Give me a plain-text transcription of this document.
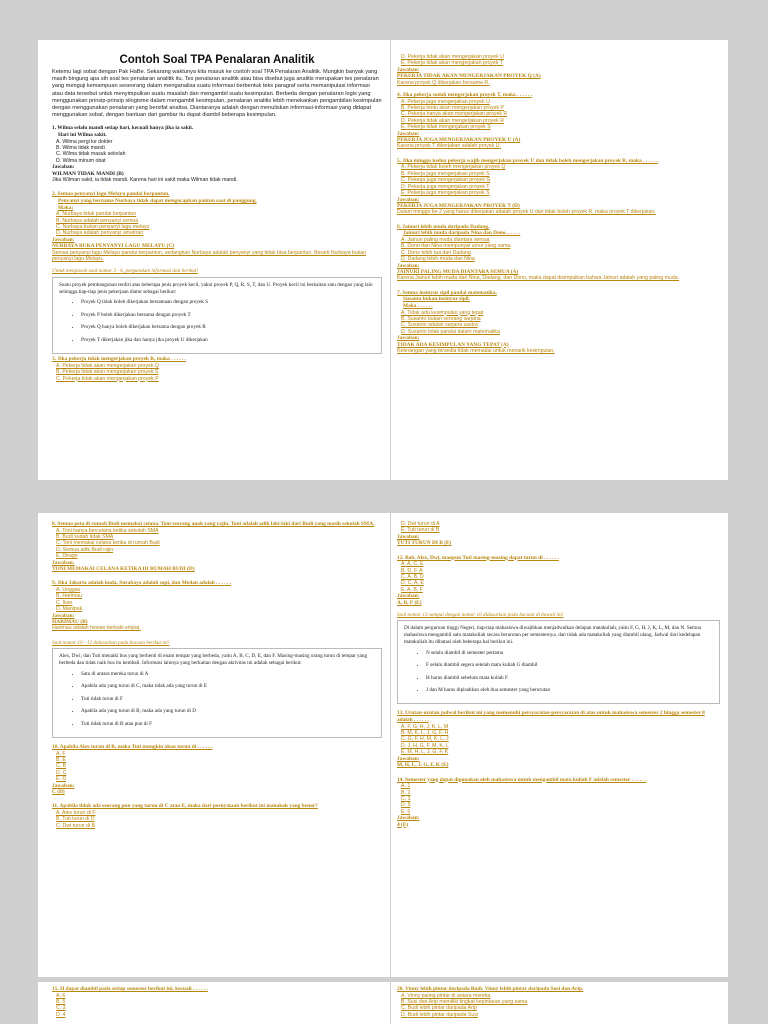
Contoh Soal TPA Penalaran Analitik
Ketemu lagi sobat dengan Pak HaBe. Sekarang waktunya kita masuk ke contoh soal TPA Penalaran Analitik. Mungkin banyak yang masih bingung apa sih soal tes penalaran analitik itu. Tes penalaran analitik atau bisa disebut juga analitis merupakan tes penalaran yang menguji kemampuan seseorang dalam menganalisa suatu informasi berbentuk teks paragraf serta memanipulasi informasi atau data tersebut untuk menyimpulkan suatu masalah dan mengambil suatu kesimpulan. Berbeda dengan penalaran logis yang menggunakan prinsip-prinsip silogisme dalam mengambil kesimpulan, penalaran analitis lebih menekankan pengambilan kesimpulan dengan menggunakan penalaran yang bersifat analisa. Diantaranya adalah dengan menuliskan informasi-informasi yang didapat menggunakan sobat, dengan bantuan dari gambar itu dapat diambil beberapa kesimpulan.
1. Wilma selalu mandi setiap hari, kecuali hanya jika ia sakit.
Hari ini Wilma sakit.
A. Wilma pergi ke dokter
B. Wilma tidak mandi
C. Wilma tidak masuk sekolah
D. Wilma minum obat
Jawaban:
WILMAN TIDAK MANDI (B)
Jika Wilman sakit, ia tidak mandi. Karena hari ini sakit maka Wilman tidak mandi.
2. Semua penyanyi lagu Melayu pandai berpantun.
Penyanyi yang bernama Nurbaya tidak dapat mengucapkan pantun saat di panggung.
Maka:
A. Nurbaya tidak pandai berpantun
B. Nurbaya adalah penyanyi semua
C. Nurbaya bukan penyanyi lagu melayu
D. Nurbaya adalah penyanyi amatiran
Jawaban:
NURBAYA BUKA PENYANYI LAGU MELAYU (C)
Semua penyanyi lagu Melayu pandai berpantun, sedangkan Nurbaya adalah penyanyi yang tidak bisa berpantun. Berarti Nurbaya bukan penyanyi lagu Melayu.
Untuk menjawab soal nomor 3 - 6, pergunakan informasi dan berikut!
Suatu proyek pembangunan terdiri atas beberapa jenis proyek kecil, yakni proyek P, Q, R, S, T, dan U. Proyek kecil ini berkaitan satu dengan yang lain sehingga tiap-tiap jenis pekerjaan diatur sebagai berikut:
• Proyek Q tidak boleh dikerjakan bersamaan dengan proyek S
• Proyek P boleh dikerjakan bersama dengan proyek T
• Proyek Q hanya boleh dikerjakan bersama dengan proyek R
• Proyek T dikerjakan jika dan hanya jika proyek U dikerjakan
3. Jika pekerja tidak mengerjakan proyek R, maka . . . . . .
A. Pekerja tidak akan mengerjakan proyek Q
B. Pekerja tidak akan mengerjakan proyek S
C. Pekerja tidak akan mengerjakan proyek P
D. Pekerja tidak akan mengerjakan proyek U
E. Pekerja tidak akan mengerjakan proyek T
Jawaban:
PEKERJA TIDAK AKAN MENGERJAKAN PROYEK Q (A)
Karena proyek Q dikerjakan bersama R.
4. Jika pekerja sudah mengerjakan proyek T, maka . . . . . .
A. Pekerja juga mengerjakan proyek U
B. Pekerja tentu akan mengerjakan proyek P
C. Pekerja hanya akan mengerjakan proyek R
D. Pekerja tidak akan mengerjakan proyek R
E. Pekerja tidak mengerjakan proyek S
Jawaban:
PEKERJA JUGA MENGERJAKAN PROYEK U (A)
Karena proyek T dikerjakan adalah proyek U.
5. Jika minggu kedua pekerja wajib mengerjakan proyek U dan tidak boleh mengerjakan proyek R, maka . . . . . .
A. Pekerja tidak boleh mengerjakan proyek Q
B. Pekerja juga mengerjakan proyek S
C. Pekerja juga mengerjakan proyek G
D. Pekerja juga mengerjakan proyek T
E. Pekerja juga mengerjakan proyek S
Jawaban:
PEKERJA JUGA MENGERJAKAN PROYEK T (D)
Dalam minggu ke-2 yang harus dikerjakan adalah proyek U dan tidak boleh proyek R, maka proyek T dikerjakan.
6. Jainuri lebih muda daripada Dadang.
Jainuri lebih muda daripada Nina dan Dono. . . . . .
A. Jainuri paling muda diantara semua
B. Dono dan Nina mempunyai umur yang sama
C. Dono lebih tua dari Dadang
D. Dadang lebih muda dari Nina
Jawaban:
JAINURI PALING MUDA DIANTARA SEMUA (A)
Karena Jainuri lebih muda dari Nina, Dadang, dan Dono, maka dapat disimpulkan bahwa Jainuri adalah yang paling muda.
7. Semua insinyur sipil pandai matematika.
Susanto bukan insinyur sipil.
Maka . . . . . .
A. Tidak ada kesimpulan yang tepat
B. Susanto bukan seorang sarjana
C. Susanto adalah sarjana sastra
D. Susanto tidak pandai dalam matematika
Jawaban:
TIDAK ADA KESIMPULAN YANG TEPAT (A)
Keterangan yang tersedia tidak memadai untuk menarik kesimpulan.
8. Semua peta di rumah Budi memakai celana. Toni seorang anak yang rajin. Toni adalah adik laki-laki dari Budi yang masih sekolah SMA.
A. Toni hanya bercelana ketika sekolah SMA
B. Budi sudah tidak SMA
C. Toni memakai celana ketika di rumah Budi
D. Semua adik Budi rajin
E. Diragn
Jawaban:
TONI MEMAKAI CELANA KETIKA DI RUMAH BUDI (D)
9. Jika Jakarta adalah kuda, Surabaya adalah sapi, dan Medan adalah . . . . . .
A. Unggas
B. Harimau
C. Ikan
D. Manipak
Jawaban:
HARIMAU (B)
Harimau adalah hewan berkaki empat.
Soal nomor 10 - 12 didasarkan pada bacaan berikut ini!
Alex, Dwi, dan Tuti menaiki bus yang berhenti di enam tempat yang berbeda, yaitu A, B, C, D, E, dan F. Masing-masing orang turun di tempat yang berbeda dan tidak naik bus itu kembali. Informasi lainnya yang berkaitan dengan aktivitas ini adalah sebagai berikut:
• Satu di antara mereka turun di A
• Apabila ada yang turun di C, maka tidak ada yang turun di E
• Tuti tidak turun di F
• Apabila ada yang turun di B, maka ada yang turun di D
• Tuti tidak turun di B atau pun di F
10. Apabila Alex turun di B, maka Tuti mungkin akan turun di . . . . . .
A. F
B. E
C. B
D. C
E. D
Jawaban:
C (D)
11. Apabila tidak ada seorang pun yang turun di C atau E, maka dari pernyataan berikut ini manakah yang benar?
A. Alex turun di F
B. Tuti turun di D
C. Dwi turun di B
D. Dwi turun di A
E. Tuti turun di B
Jawaban:
TUTI TURUN DI B (E)
12. Bab. Alex, Dwi, maupun Tuti masing-masing dapat turun di . . . . . .
A. A, C, E
B. D, F, A
C. A, B, D
D. C, A, E
E. A, B, F
Jawaban:
A, B, F (E)
Soal nomor 13 sampai dengan nomor 16 didasarkan pada bacaan di bawah ini!
Di dalam perguruan tinggi Negeri, tiap-tiap mahasiswa diwajibkan menjadwalkan delapan matakuliah, yaitu F, G, H, J, K, L, M, dan N. Semua mahasiswa mengambil satu matakuliah secara berurutan per semesternya, dan tidak ada matakuliah yang diambil ulang. Jadwal dari kedelapan matakuliah itu dibatasi oleh beberapa hal berikut ini.
• N selalu diambil di semester pertama
• F selalu diambil segera setelah mata kuliah G diambil
• H harus diambil sebelum mata kuliah F
• J dan M harus dipisahkan oleh dua semester yang berurutan
13. Urutan-urutan jadwal berikut ini yang memenuhi persyaratan-persyaratan di atas untuk mahasiswa semester 2 hingga semester 8 adalah . . . . . .
A. F, G, H, J, K, L, M
B. M, K, L, J, G, F, H
C. G, F, H, M, K, L, J
D. J, H, G, F, M, K, L
E. M, H, L, J, G, F, K
Jawaban:
M, H, L, J, G, F, K (E)
14. Semester yang dapat digunakan oleh mahasiswa untuk mengambil mata kuliah F adalah semester . . . . . .
A. 1
B. 2
C. 3
D. 5
E. 6
Jawaban:
4 (E)
15. H dapat diambil pada setiap semester berikut ini, kecuali . . . . . .
A. 6
B. 5
C. 3
D. 4
20. Vinny lebih pintar daripada Budi. Vinny lebih pintar daripada Susi dan Arip.
A. Vinny paling pintar di antara mereka
B. Susi dan Arip memiliki tingkat kepintaran yang sama
C. Budi lebih pintar daripada Arip
D. Budi lebih pintar daripada Susi
